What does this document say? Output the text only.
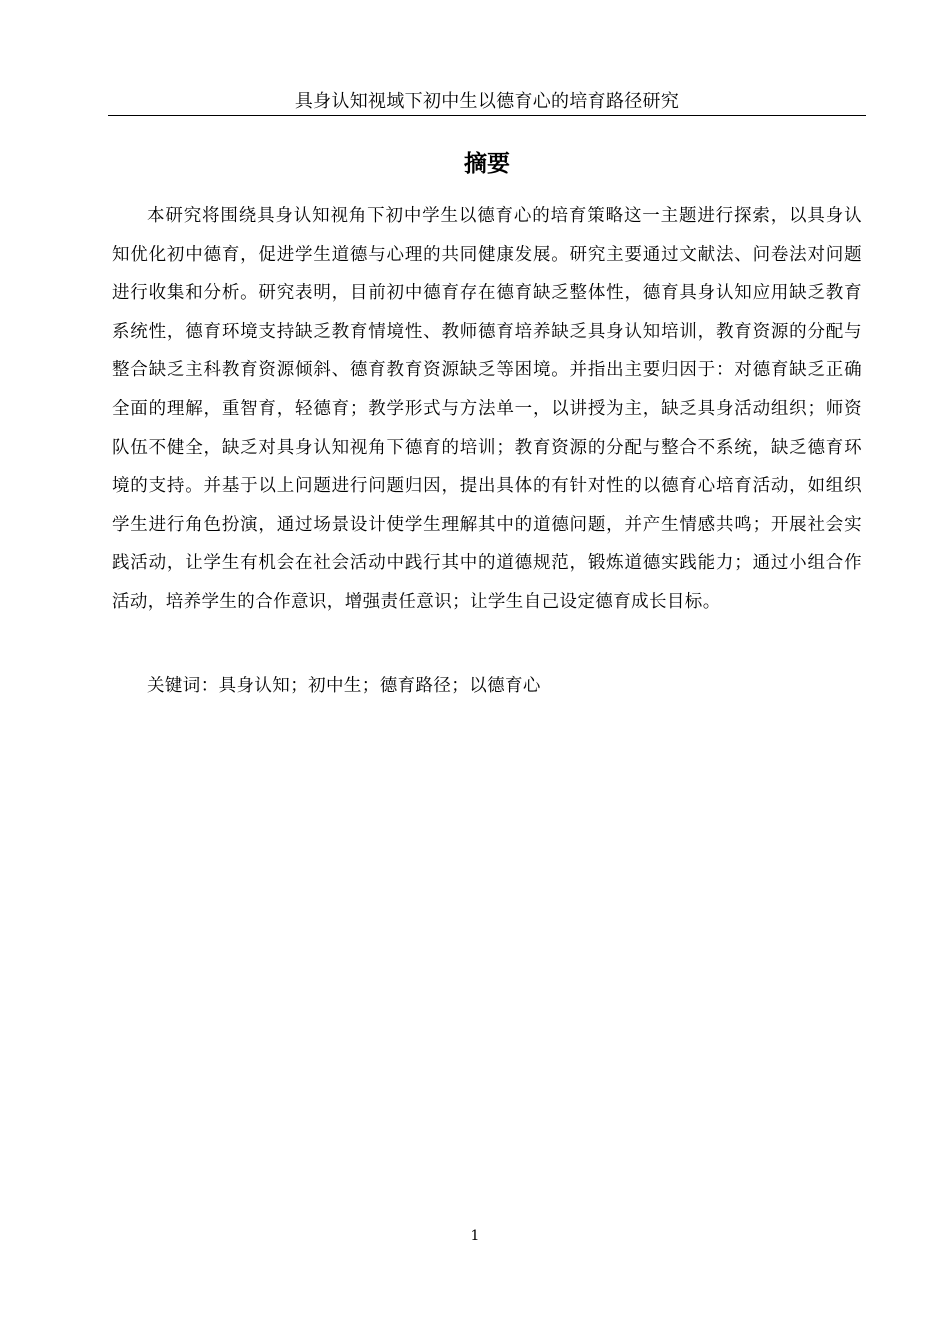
具身认知视域下初中生以德育心的培育路径研究
摘要

本研究将围绕具身认知视角下初中学生以德育心的培育策略这一主题进行探索，以具身认知优化初中德育，促进学生道德与心理的共同健康发展。研究主要通过文献法、问卷法对问题进行收集和分析。研究表明，目前初中德育存在德育缺乏整体性，德育具身认知应用缺乏教育系统性，德育环境支持缺乏教育情境性、教师德育培养缺乏具身认知培训，教育资源的分配与整合缺乏主科教育资源倾斜、德育教育资源缺乏等困境。并指出主要归因于：对德育缺乏正确全面的理解，重智育，轻德育；教学形式与方法单一，以讲授为主，缺乏具身活动组织；师资队伍不健全，缺乏对具身认知视角下德育的培训；教育资源的分配与整合不系统，缺乏德育环境的支持。并基于以上问题进行问题归因，提出具体的有针对性的以德育心培育活动，如组织学生进行角色扮演，通过场景设计使学生理解其中的道德问题，并产生情感共鸣；开展社会实践活动，让学生有机会在社会活动中践行其中的道德规范，锻炼道德实践能力；通过小组合作活动，培养学生的合作意识，增强责任意识；让学生自己设定德育成长目标。

关键词：具身认知；初中生；德育路径；以德育心

1
